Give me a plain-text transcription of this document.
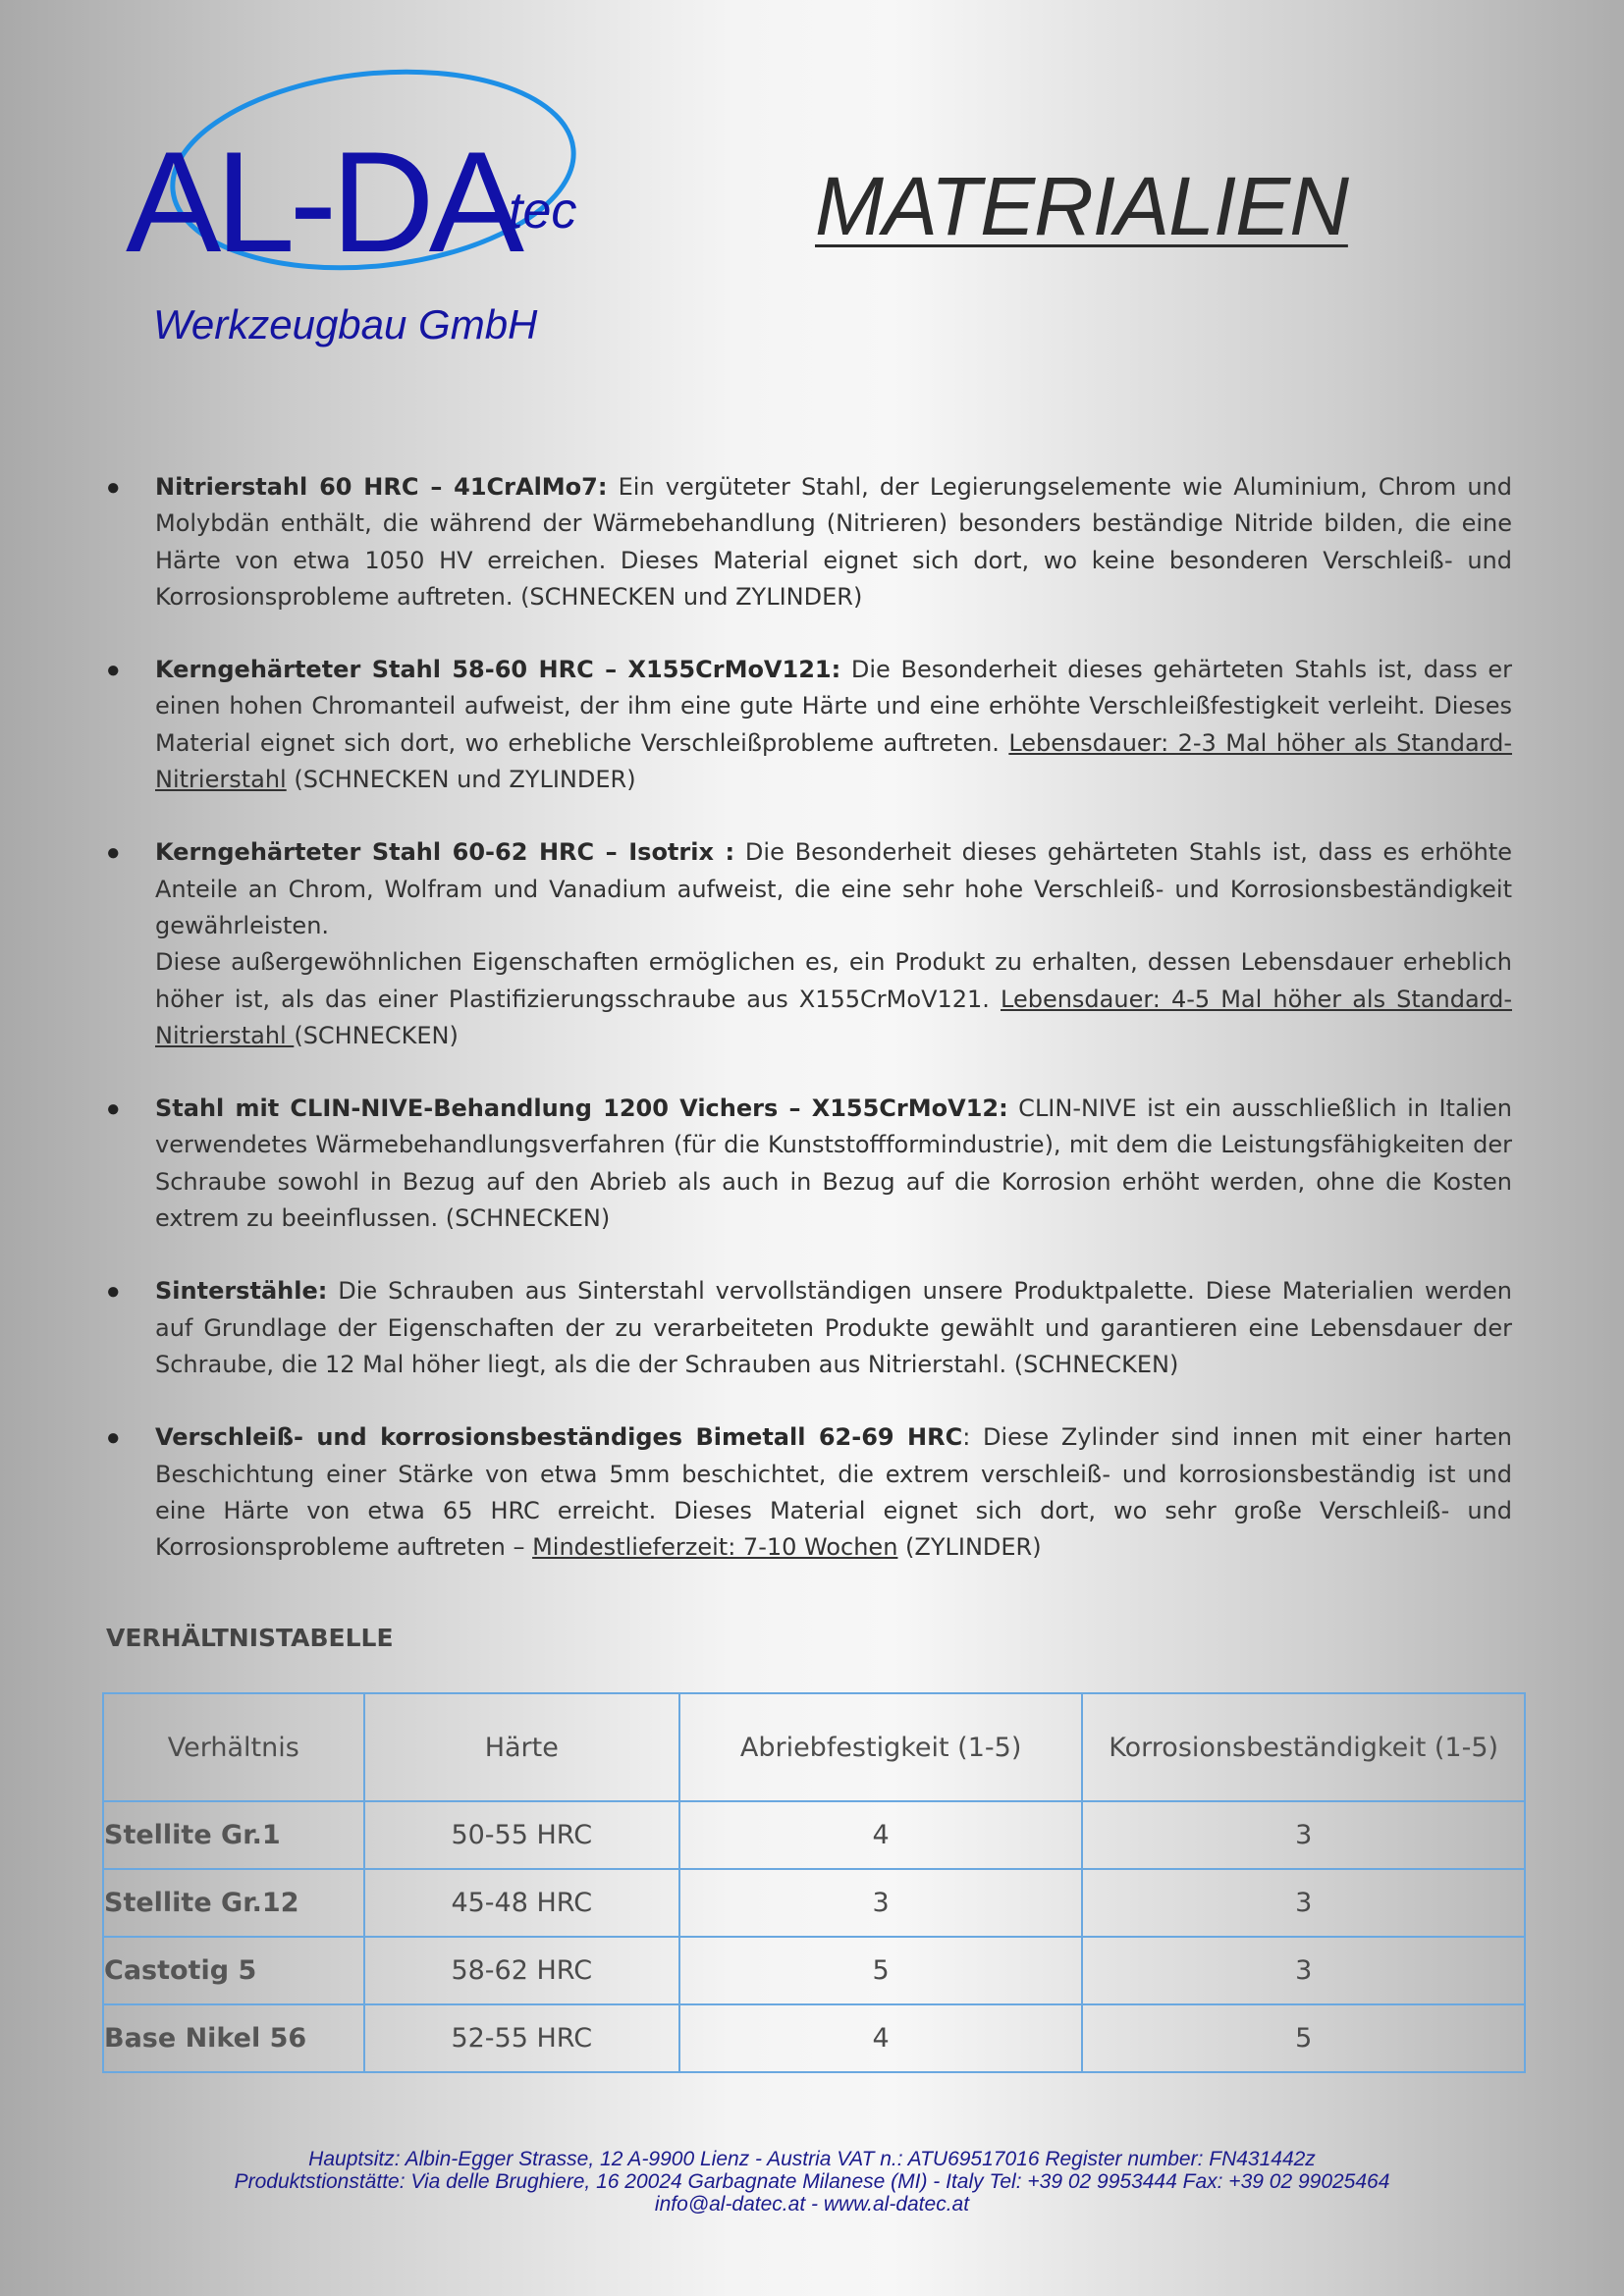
AL-DA
tec
Werkzeugbau GmbH
MATERIALIEN
● Nitrierstahl 60 HRC – 41CrAlMo7: Ein vergüteter Stahl, der Legierungselemente wie Aluminium, Chrom und Molybdän enthält, die während der Wärmebehandlung (Nitrieren) besonders beständige Nitride bilden, die eine Härte von etwa 1050 HV erreichen. Dieses Material eignet sich dort, wo keine besonderen Verschleiß- und Korrosionsprobleme auftreten. (SCHNECKEN und ZYLINDER)

● Kerngehärteter Stahl 58-60 HRC – X155CrMoV121: Die Besonderheit dieses gehärteten Stahls ist, dass er einen hohen Chromanteil aufweist, der ihm eine gute Härte und eine erhöhte Verschleißfestigkeit verleiht. Dieses Material eignet sich dort, wo erhebliche Verschleißprobleme auftreten. Lebensdauer: 2-3 Mal höher als Standard-Nitrierstahl (SCHNECKEN und ZYLINDER)

● Kerngehärteter Stahl 60-62 HRC – Isotrix : Die Besonderheit dieses gehärteten Stahls ist, dass es erhöhte Anteile an Chrom, Wolfram und Vanadium aufweist, die eine sehr hohe Verschleiß- und Korrosionsbeständigkeit gewährleisten.
Diese außergewöhnlichen Eigenschaften ermöglichen es, ein Produkt zu erhalten, dessen Lebensdauer erheblich höher ist, als das einer Plastifizierungsschraube aus X155CrMoV121. Lebensdauer: 4-5 Mal höher als Standard-Nitrierstahl (SCHNECKEN)

● Stahl mit CLIN-NIVE-Behandlung 1200 Vichers – X155CrMoV12: CLIN-NIVE ist ein ausschließlich in Italien verwendetes Wärmebehandlungsverfahren (für die Kunststoffformindustrie), mit dem die Leistungsfähigkeiten der Schraube sowohl in Bezug auf den Abrieb als auch in Bezug auf die Korrosion erhöht werden, ohne die Kosten extrem zu beeinflussen. (SCHNECKEN)

● Sinterstähle: Die Schrauben aus Sinterstahl vervollständigen unsere Produktpalette. Diese Materialien werden auf Grundlage der Eigenschaften der zu verarbeiteten Produkte gewählt und garantieren eine Lebensdauer der Schraube, die 12 Mal höher liegt, als die der Schrauben aus Nitrierstahl. (SCHNECKEN)

● Verschleiß- und korrosionsbeständiges Bimetall 62-69 HRC: Diese Zylinder sind innen mit einer harten Beschichtung einer Stärke von etwa 5mm beschichtet, die extrem verschleiß- und korrosionsbeständig ist und eine Härte von etwa 65 HRC erreicht. Dieses Material eignet sich dort, wo sehr große Verschleiß- und Korrosionsprobleme auftreten – Mindestlieferzeit: 7-10 Wochen (ZYLINDER)

VERHÄLTNISTABELLE
Verhältnis	Härte	Abriebfestigkeit (1-5)	Korrosionsbeständigkeit (1-5)
Stellite Gr.1	50-55 HRC	4	3
Stellite Gr.12	45-48 HRC	3	3
Castotig 5	58-62 HRC	5	3
Base Nikel 56	52-55 HRC	4	5
Hauptsitz: Albin-Egger Strasse, 12 A-9900 Lienz - Austria VAT n.: ATU69517016 Register number: FN431442z
Produktstionstätte: Via delle Brughiere, 16 20024 Garbagnate Milanese (MI) - Italy Tel: +39 02 9953444 Fax: +39 02 99025464
info@al-datec.at - www.al-datec.at
